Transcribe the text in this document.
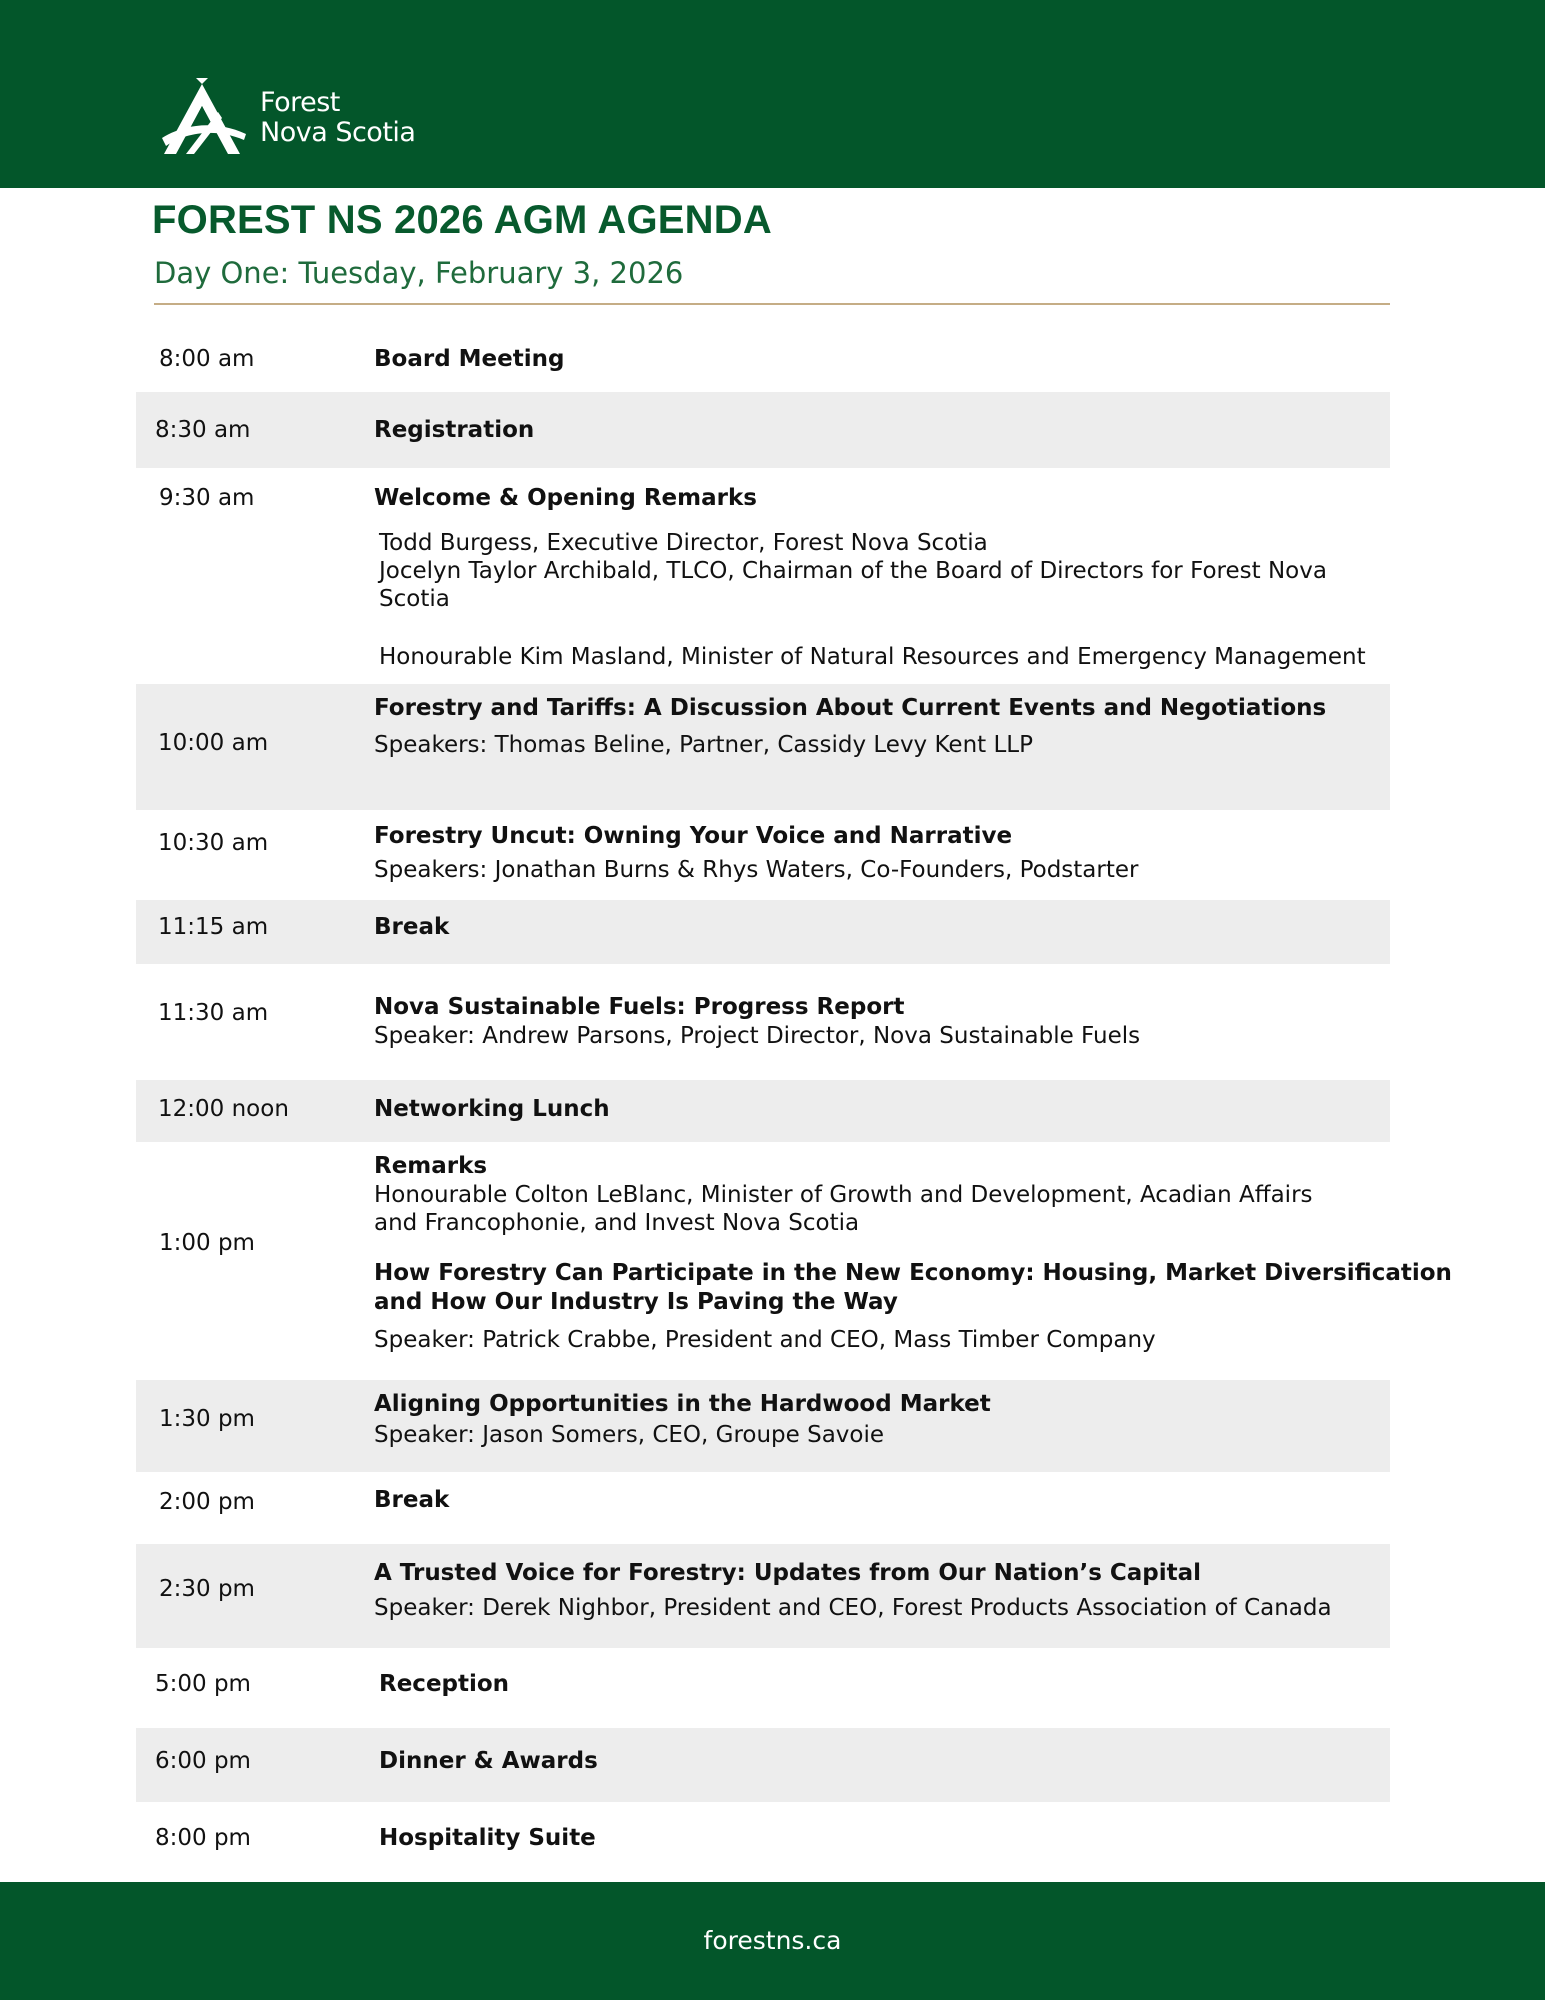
Forest
Nova Scotia
FOREST NS 2026 AGM AGENDA
Day One: Tuesday, February 3, 2026
8:00 am	Board Meeting
8:30 am	Registration
9:30 am	Welcome & Opening Remarks
Todd Burgess, Executive Director, Forest Nova Scotia
Jocelyn Taylor Archibald, TLCO, Chairman of the Board of Directors for Forest Nova
Scotia
Honourable Kim Masland, Minister of Natural Resources and Emergency Management
10:00 am
Forestry and Tariffs: A Discussion About Current Events and Negotiations
Speakers: Thomas Beline, Partner, Cassidy Levy Kent LLP
10:30 am	Forestry Uncut: Owning Your Voice and Narrative
Speakers: Jonathan Burns & Rhys Waters, Co-Founders, Podstarter
11:15 am	Break
11:30 am	Nova Sustainable Fuels: Progress Report
Speaker: Andrew Parsons, Project Director, Nova Sustainable Fuels
12:00 noon	Networking Lunch
1:00 pm
Remarks
Honourable Colton LeBlanc, Minister of Growth and Development, Acadian Affairs
and Francophonie, and Invest Nova Scotia
How Forestry Can Participate in the New Economy: Housing, Market Diversification
and How Our Industry Is Paving the Way
Speaker: Patrick Crabbe, President and CEO, Mass Timber Company
1:30 pm
Aligning Opportunities in the Hardwood Market
Speaker: Jason Somers, CEO, Groupe Savoie
2:00 pm	Break
2:30 pm
A Trusted Voice for Forestry: Updates from Our Nation’s Capital
Speaker: Derek Nighbor, President and CEO, Forest Products Association of Canada
5:00 pm	Reception
6:00 pm	Dinner & Awards
8:00 pm	Hospitality Suite
forestns.ca
